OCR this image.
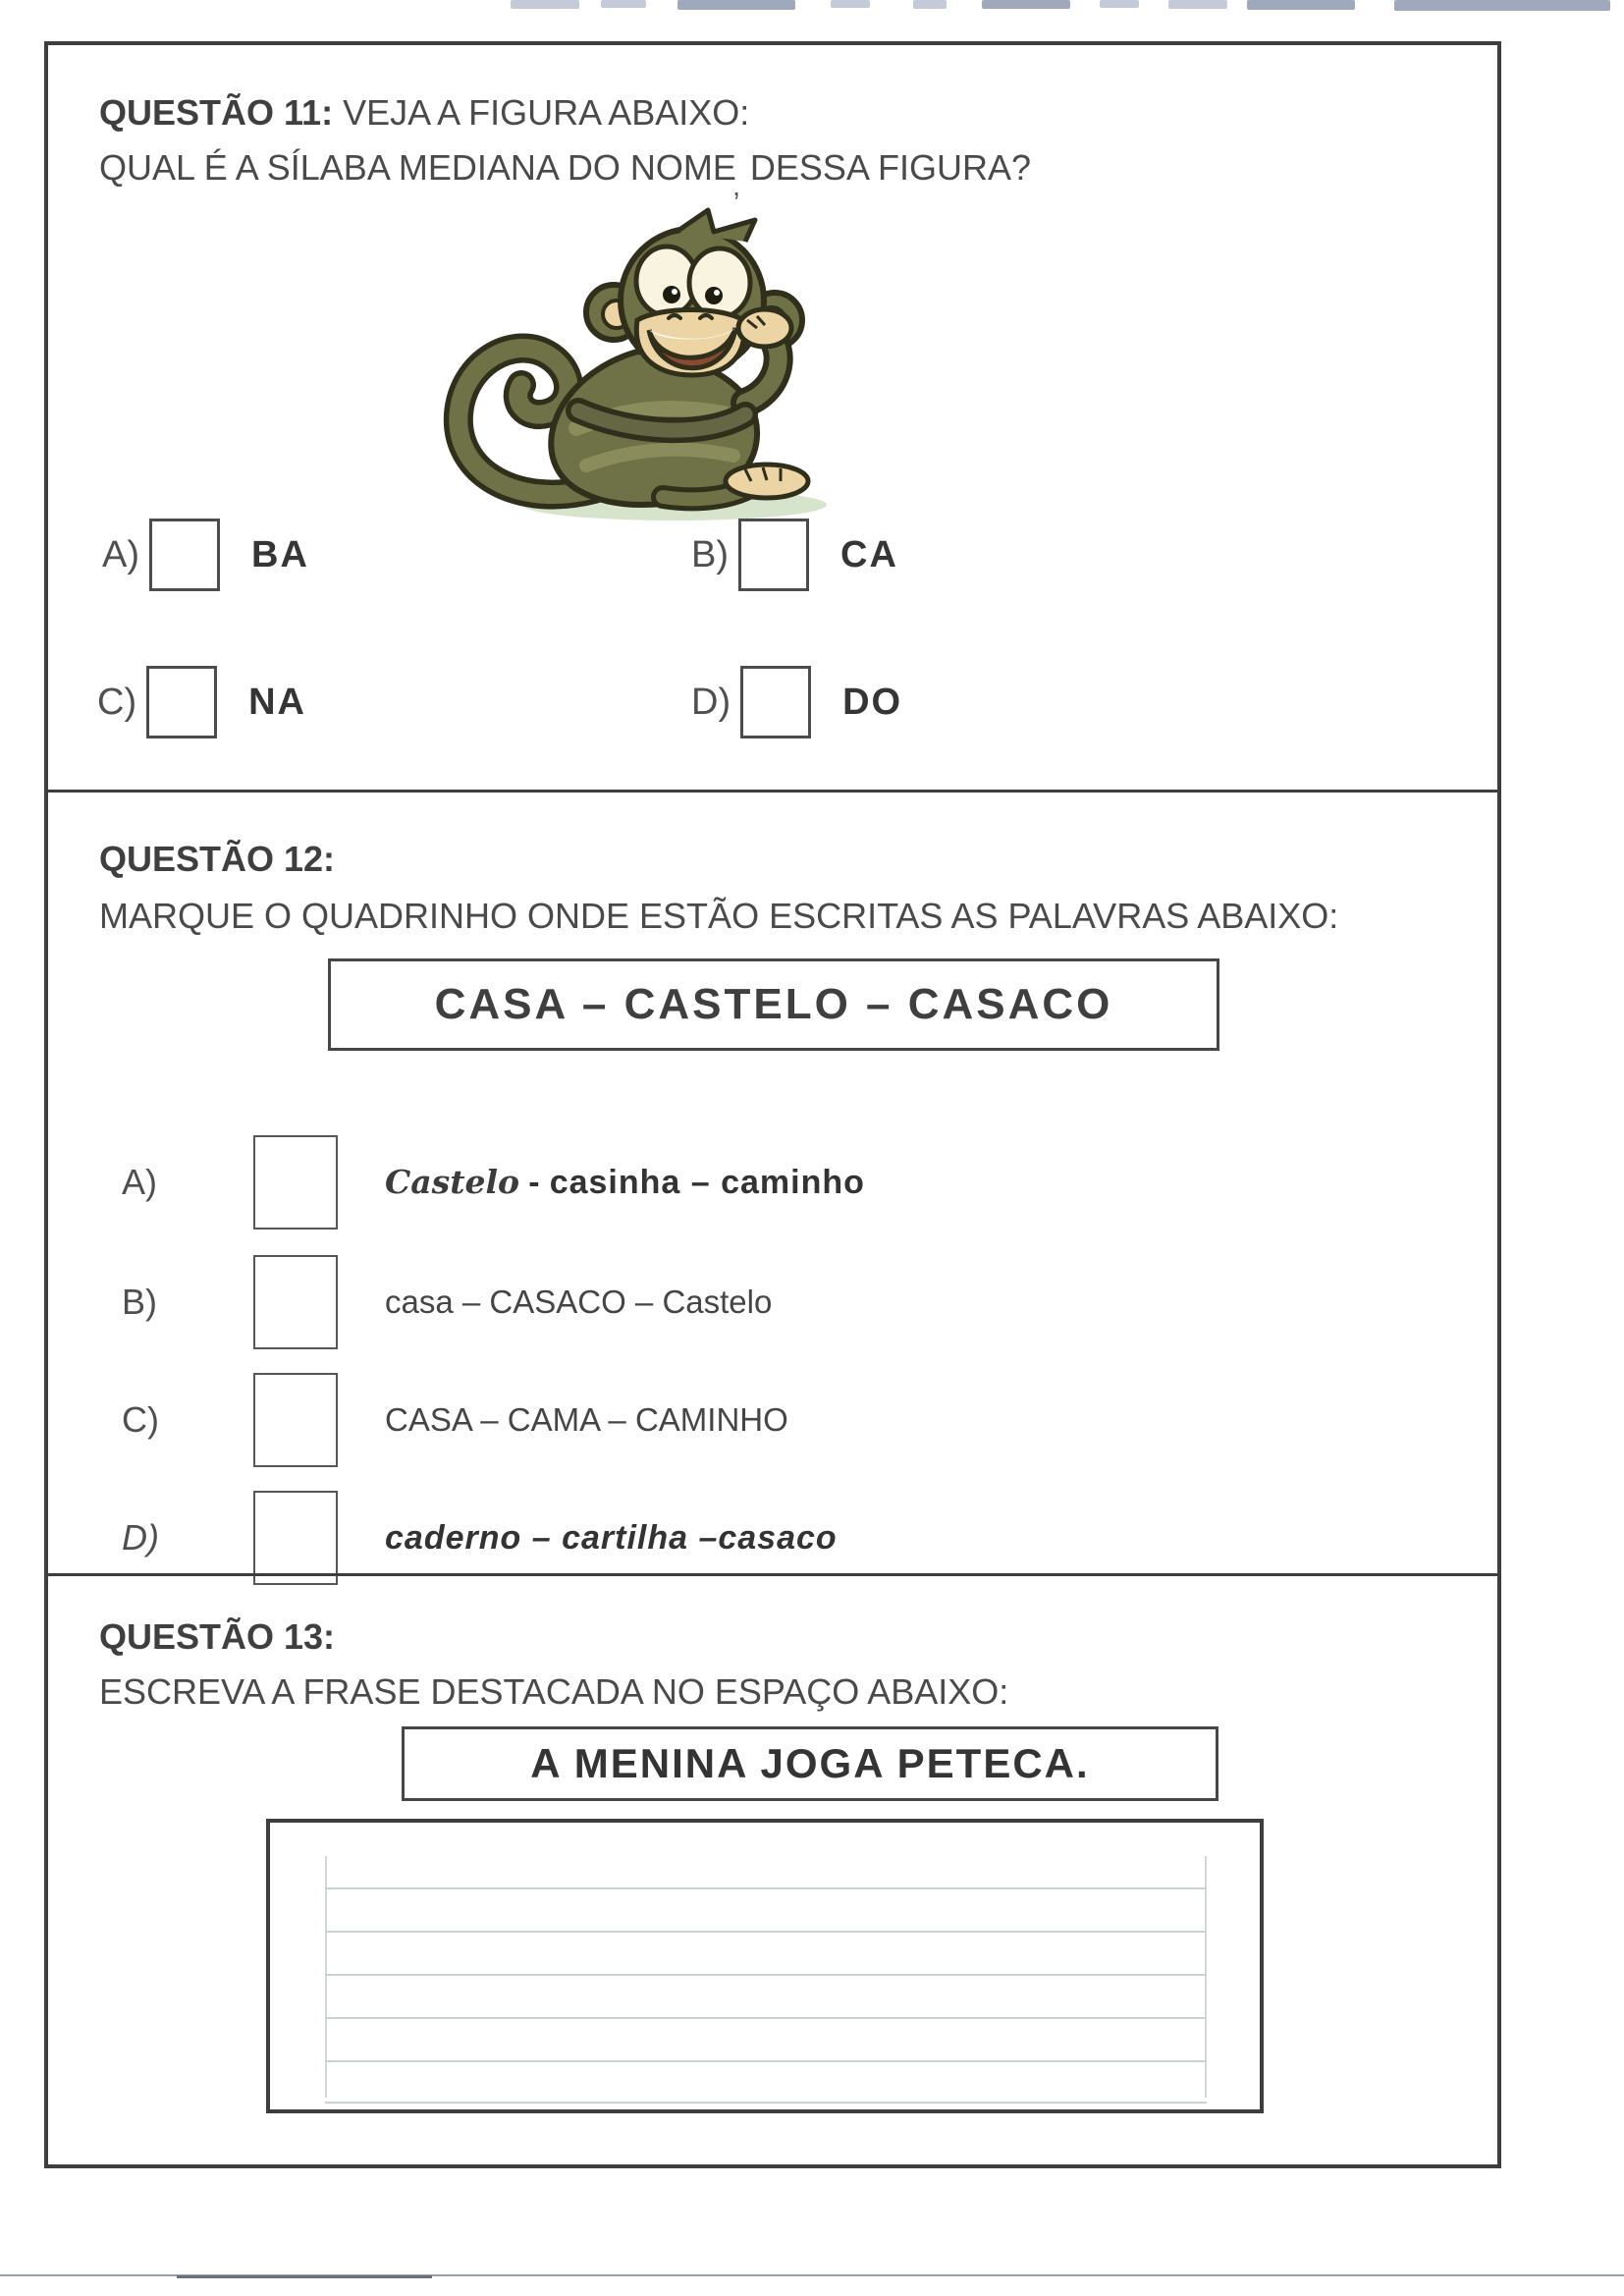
QUESTÃO 11: VEJA A FIGURA ABAIXO:
QUAL É A SÍLABA MEDIANA DO NOME, DESSA FIGURA?
A)	BA	B)	CA
C)	NA	D)	DO
QUESTÃO 12:
MARQUE O QUADRINHO ONDE ESTÃO ESCRITAS AS PALAVRAS ABAIXO:
CASA – CASTELO – CASACO
A)	Castelo - casinha – caminho
B)	casa – CASACO – Castelo
C)	CASA – CAMA – CAMINHO
D)	caderno – cartilha –casaco
QUESTÃO 13:
ESCREVA A FRASE DESTACADA NO ESPAÇO ABAIXO:
A MENINA JOGA PETECA.
